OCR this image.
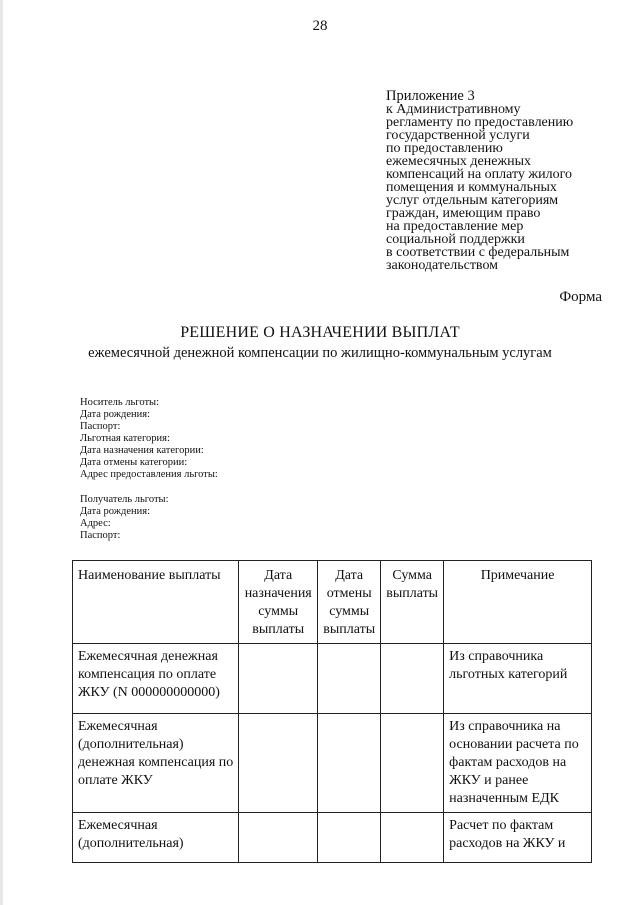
28
Приложение 3
к Административному
регламенту по предоставлению
государственной услуги
по предоставлению
ежемесячных денежных
компенсаций на оплату жилого
помещения и коммунальных
услуг отдельным категориям
граждан, имеющим право
на предоставление мер
социальной поддержки
в соответствии с федеральным
законодательством
Форма
РЕШЕНИЕ О НАЗНАЧЕНИИ ВЫПЛАТ
ежемесячной денежной компенсации по жилищно-коммунальным услугам
Носитель льготы:
Дата рождения:
Паспорт:
Льготная категория:
Дата назначения категории:
Дата отмены категории:
Адрес предоставления льготы:
Получатель льготы:
Дата рождения:
Адрес:
Паспорт:
Наименование выплаты	Дата назначения суммы выплаты	Дата отмены суммы выплаты	Сумма выплаты	Примечание
Ежемесячная денежная компенсация по оплате ЖКУ (N 000000000000)				Из справочника льготных категорий
Ежемесячная (дополнительная) денежная компенсация по оплате ЖКУ				Из справочника на основании расчета по фактам расходов на ЖКУ и ранее назначенным ЕДК
Ежемесячная (дополнительная)				Расчет по фактам расходов на ЖКУ и
